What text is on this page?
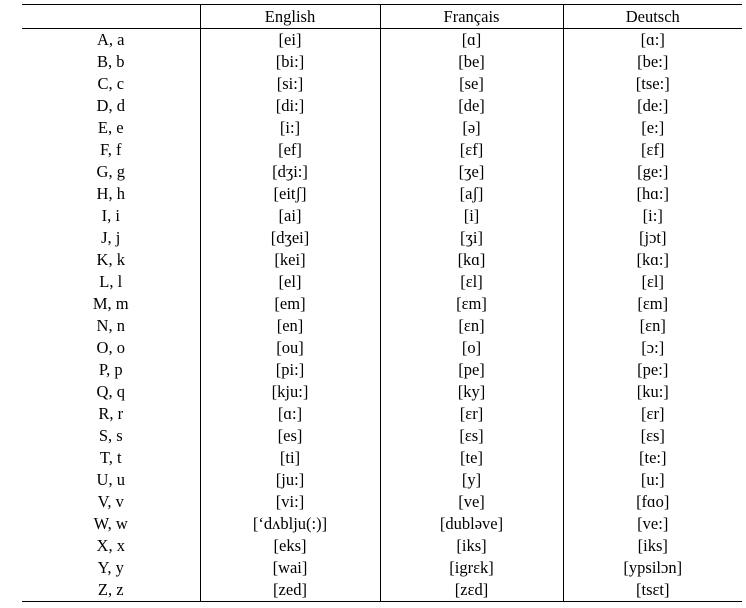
	English	Français	Deutsch
A, a	[ei]	[ɑ]	[ɑ:]
B, b	[bi:]	[be]	[be:]
C, c	[si:]	[se]	[tse:]
D, d	[di:]	[de]	[de:]
E, e	[i:]	[ə]	[e:]
F, f	[ef]	[ɛf]	[ɛf]
G, g	[dʒi:]	[ʒe]	[ge:]
H, h	[eitʃ]	[aʃ]	[hɑ:]
I, i	[ai]	[i]	[i:]
J, j	[dʒei]	[ʒi]	[jɔt]
K, k	[kei]	[kɑ]	[kɑ:]
L, l	[el]	[ɛl]	[ɛl]
M, m	[em]	[ɛm]	[ɛm]
N, n	[en]	[ɛn]	[ɛn]
O, o	[ou]	[o]	[ɔ:]
P, p	[pi:]	[pe]	[pe:]
Q, q	[kju:]	[ky]	[ku:]
R, r	[ɑ:]	[ɛr]	[ɛr]
S, s	[es]	[ɛs]	[ɛs]
T, t	[ti]	[te]	[te:]
U, u	[ju:]	[y]	[u:]
V, v	[vi:]	[ve]	[fɑo]
W, w	[‘dʌblju(:)]	[dubləve]	[ve:]
X, x	[eks]	[iks]	[iks]
Y, y	[wai]	[igrɛk]	[ypsilɔn]
Z, z	[zed]	[zɛd]	[tsɛt]
